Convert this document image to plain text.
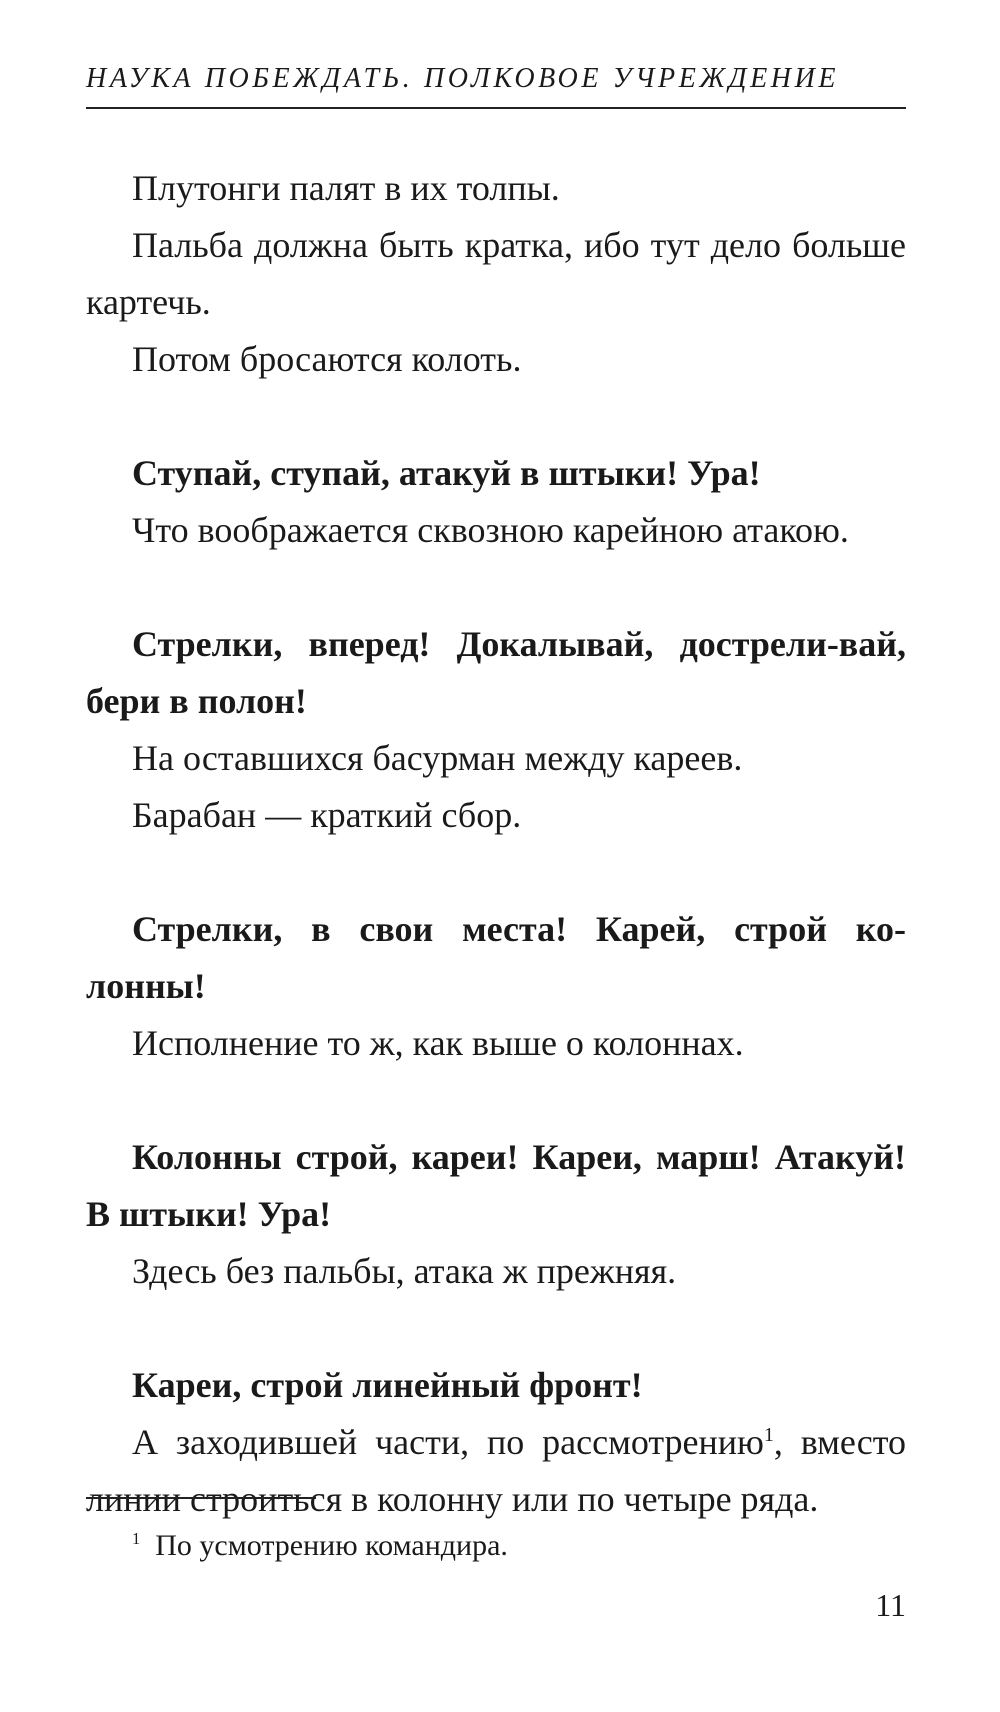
НАУКА ПОБЕЖДАТЬ. ПОЛКОВОЕ УЧРЕЖДЕНИЕ

Плутонги палят в их толпы.

Пальба должна быть кратка, ибо тут дело больше картечь.

Потом бросаются колоть.

Ступай, ступай, атакуй в штыки! Ура!

Что воображается сквозною карейною атакою.

Стрелки, вперед! Докалывай, дострели-вай, бери в полон!

На оставшихся басурман между кареев.

Барабан — краткий сбор.

Стрелки, в свои места! Карей, строй ко-лонны!

Исполнение то ж, как выше о колоннах.

Колонны строй, кареи! Кареи, марш! Атакуй! В штыки! Ура!

Здесь без пальбы, атака ж прежняя.

Кареи, строй линейный фронт!

А заходившей части, по рассмотрению$^1$, вместо линии строиться в колонну или по четыре ряда.

$^1$ По усмотрению командира.
11
